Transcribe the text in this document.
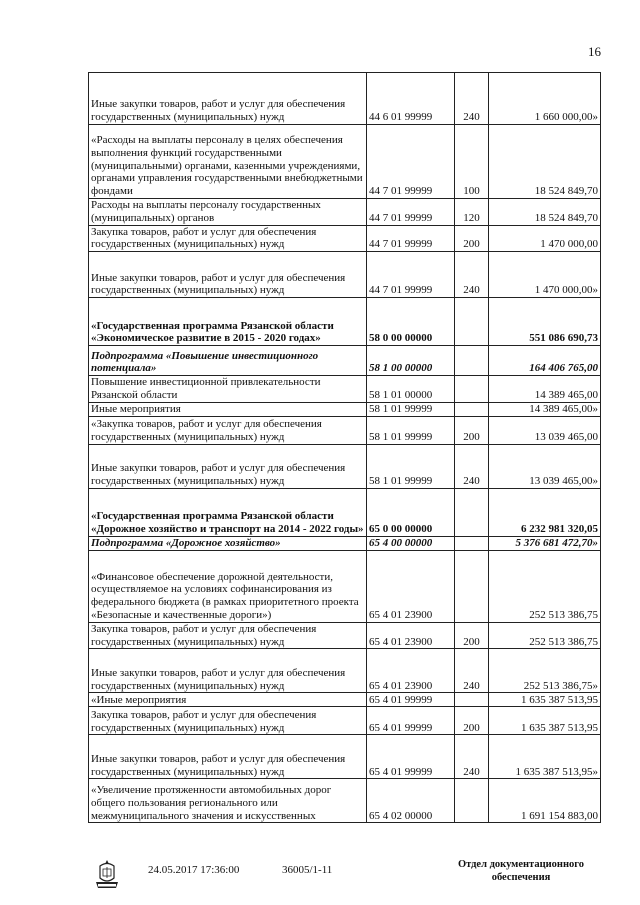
16
Иные закупки товаров, работ и услуг для обеспечения государственных (муниципальных) нужд	44 6 01 99999	240	1 660 000,00»
«Расходы на выплаты персоналу в целях обеспечения выполнения функций государственными (муниципальными) органами, казенными учреждениями, органами управления государственными внебюджетными фондами	44 7 01 99999	100	18 524 849,70
Расходы на выплаты персоналу государственных (муниципальных) органов	44 7 01 99999	120	18 524 849,70
Закупка товаров, работ и услуг для обеспечения государственных (муниципальных) нужд	44 7 01 99999	200	1 470 000,00
Иные закупки товаров, работ и услуг для обеспечения государственных (муниципальных) нужд	44 7 01 99999	240	1 470 000,00»
«Государственная программа Рязанской области «Экономическое развитие в 2015 - 2020 годах»	58 0 00 00000		551 086 690,73
Подпрограмма «Повышение инвестиционного потенциала»	58 1 00 00000		164 406 765,00
Повышение инвестиционной привлекательности Рязанской области	58 1 01 00000		14 389 465,00
Иные мероприятия	58 1 01 99999		14 389 465,00»
«Закупка товаров, работ и услуг для обеспечения государственных (муниципальных) нужд	58 1 01 99999	200	13 039 465,00
Иные закупки товаров, работ и услуг для обеспечения государственных (муниципальных) нужд	58 1 01 99999	240	13 039 465,00»
«Государственная программа Рязанской области «Дорожное хозяйство и транспорт на 2014 - 2022 годы»	65 0 00 00000		6 232 981 320,05
Подпрограмма «Дорожное хозяйство»	65 4 00 00000		5 376 681 472,70»
«Финансовое обеспечение дорожной деятельности, осуществляемое на условиях софинансирования из федерального бюджета (в рамках приоритетного проекта «Безопасные и качественные дороги»)	65 4 01 23900		252 513 386,75
Закупка товаров, работ и услуг для обеспечения государственных (муниципальных) нужд	65 4 01 23900	200	252 513 386,75
Иные закупки товаров, работ и услуг для обеспечения государственных (муниципальных) нужд	65 4 01 23900	240	252 513 386,75»
«Иные мероприятия	65 4 01 99999		1 635 387 513,95
Закупка товаров, работ и услуг для обеспечения государственных (муниципальных) нужд	65 4 01 99999	200	1 635 387 513,95
Иные закупки товаров, работ и услуг для обеспечения государственных (муниципальных) нужд	65 4 01 99999	240	1 635 387 513,95»
«Увеличение протяженности автомобильных дорог общего пользования регионального или межмуниципального значения и искусственных	65 4 02 00000		1 691 154 883,00
24.05.2017 17:36:00	36005/1-11	Отдел документационного
обеспечения
